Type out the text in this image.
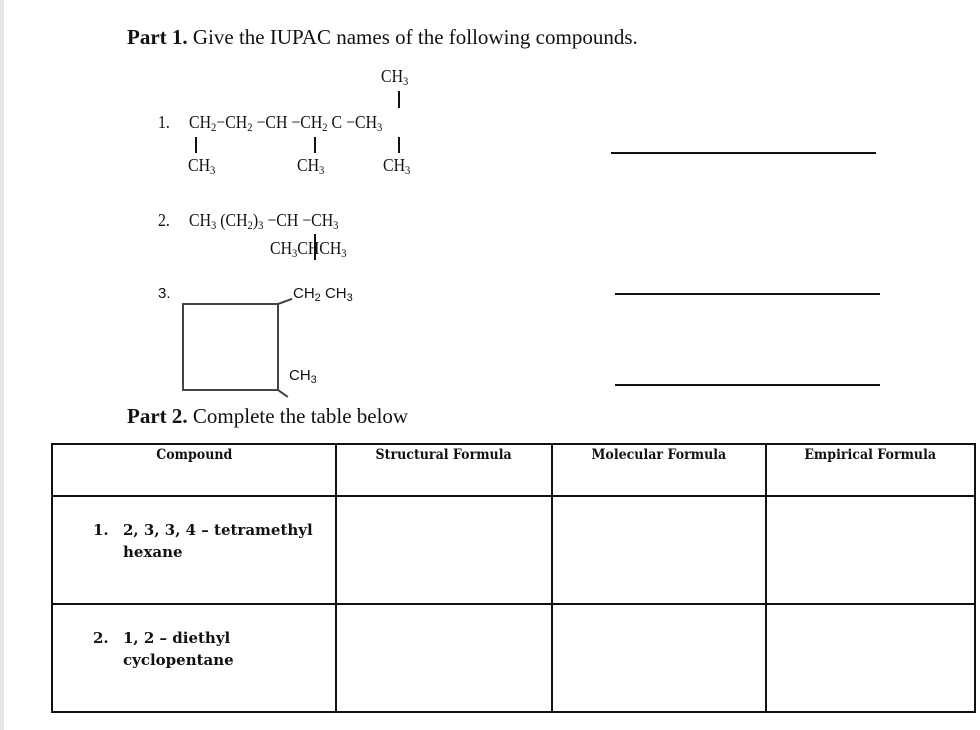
Part 1. Give the IUPAC names of the following compounds.
1.
$CH_3$
$CH_2-CH_2 -CH -CH_2$ $C -CH_3$
$CH_3$	$CH_3$	$CH_3$
2. $CH_3$ $(CH_2)_3 -CH -CH_3$
$CH_3CHCH_3$
3.	$CH_2$ $CH_3$
$CH_3$
Part 2. Complete the table below
Compound	Structural Formula	Molecular Formula	Empirical Formula

1. 2, 3, 3, 4 – tetramethyl hexane			

2. 1, 2 – diethyl cyclopentane			
